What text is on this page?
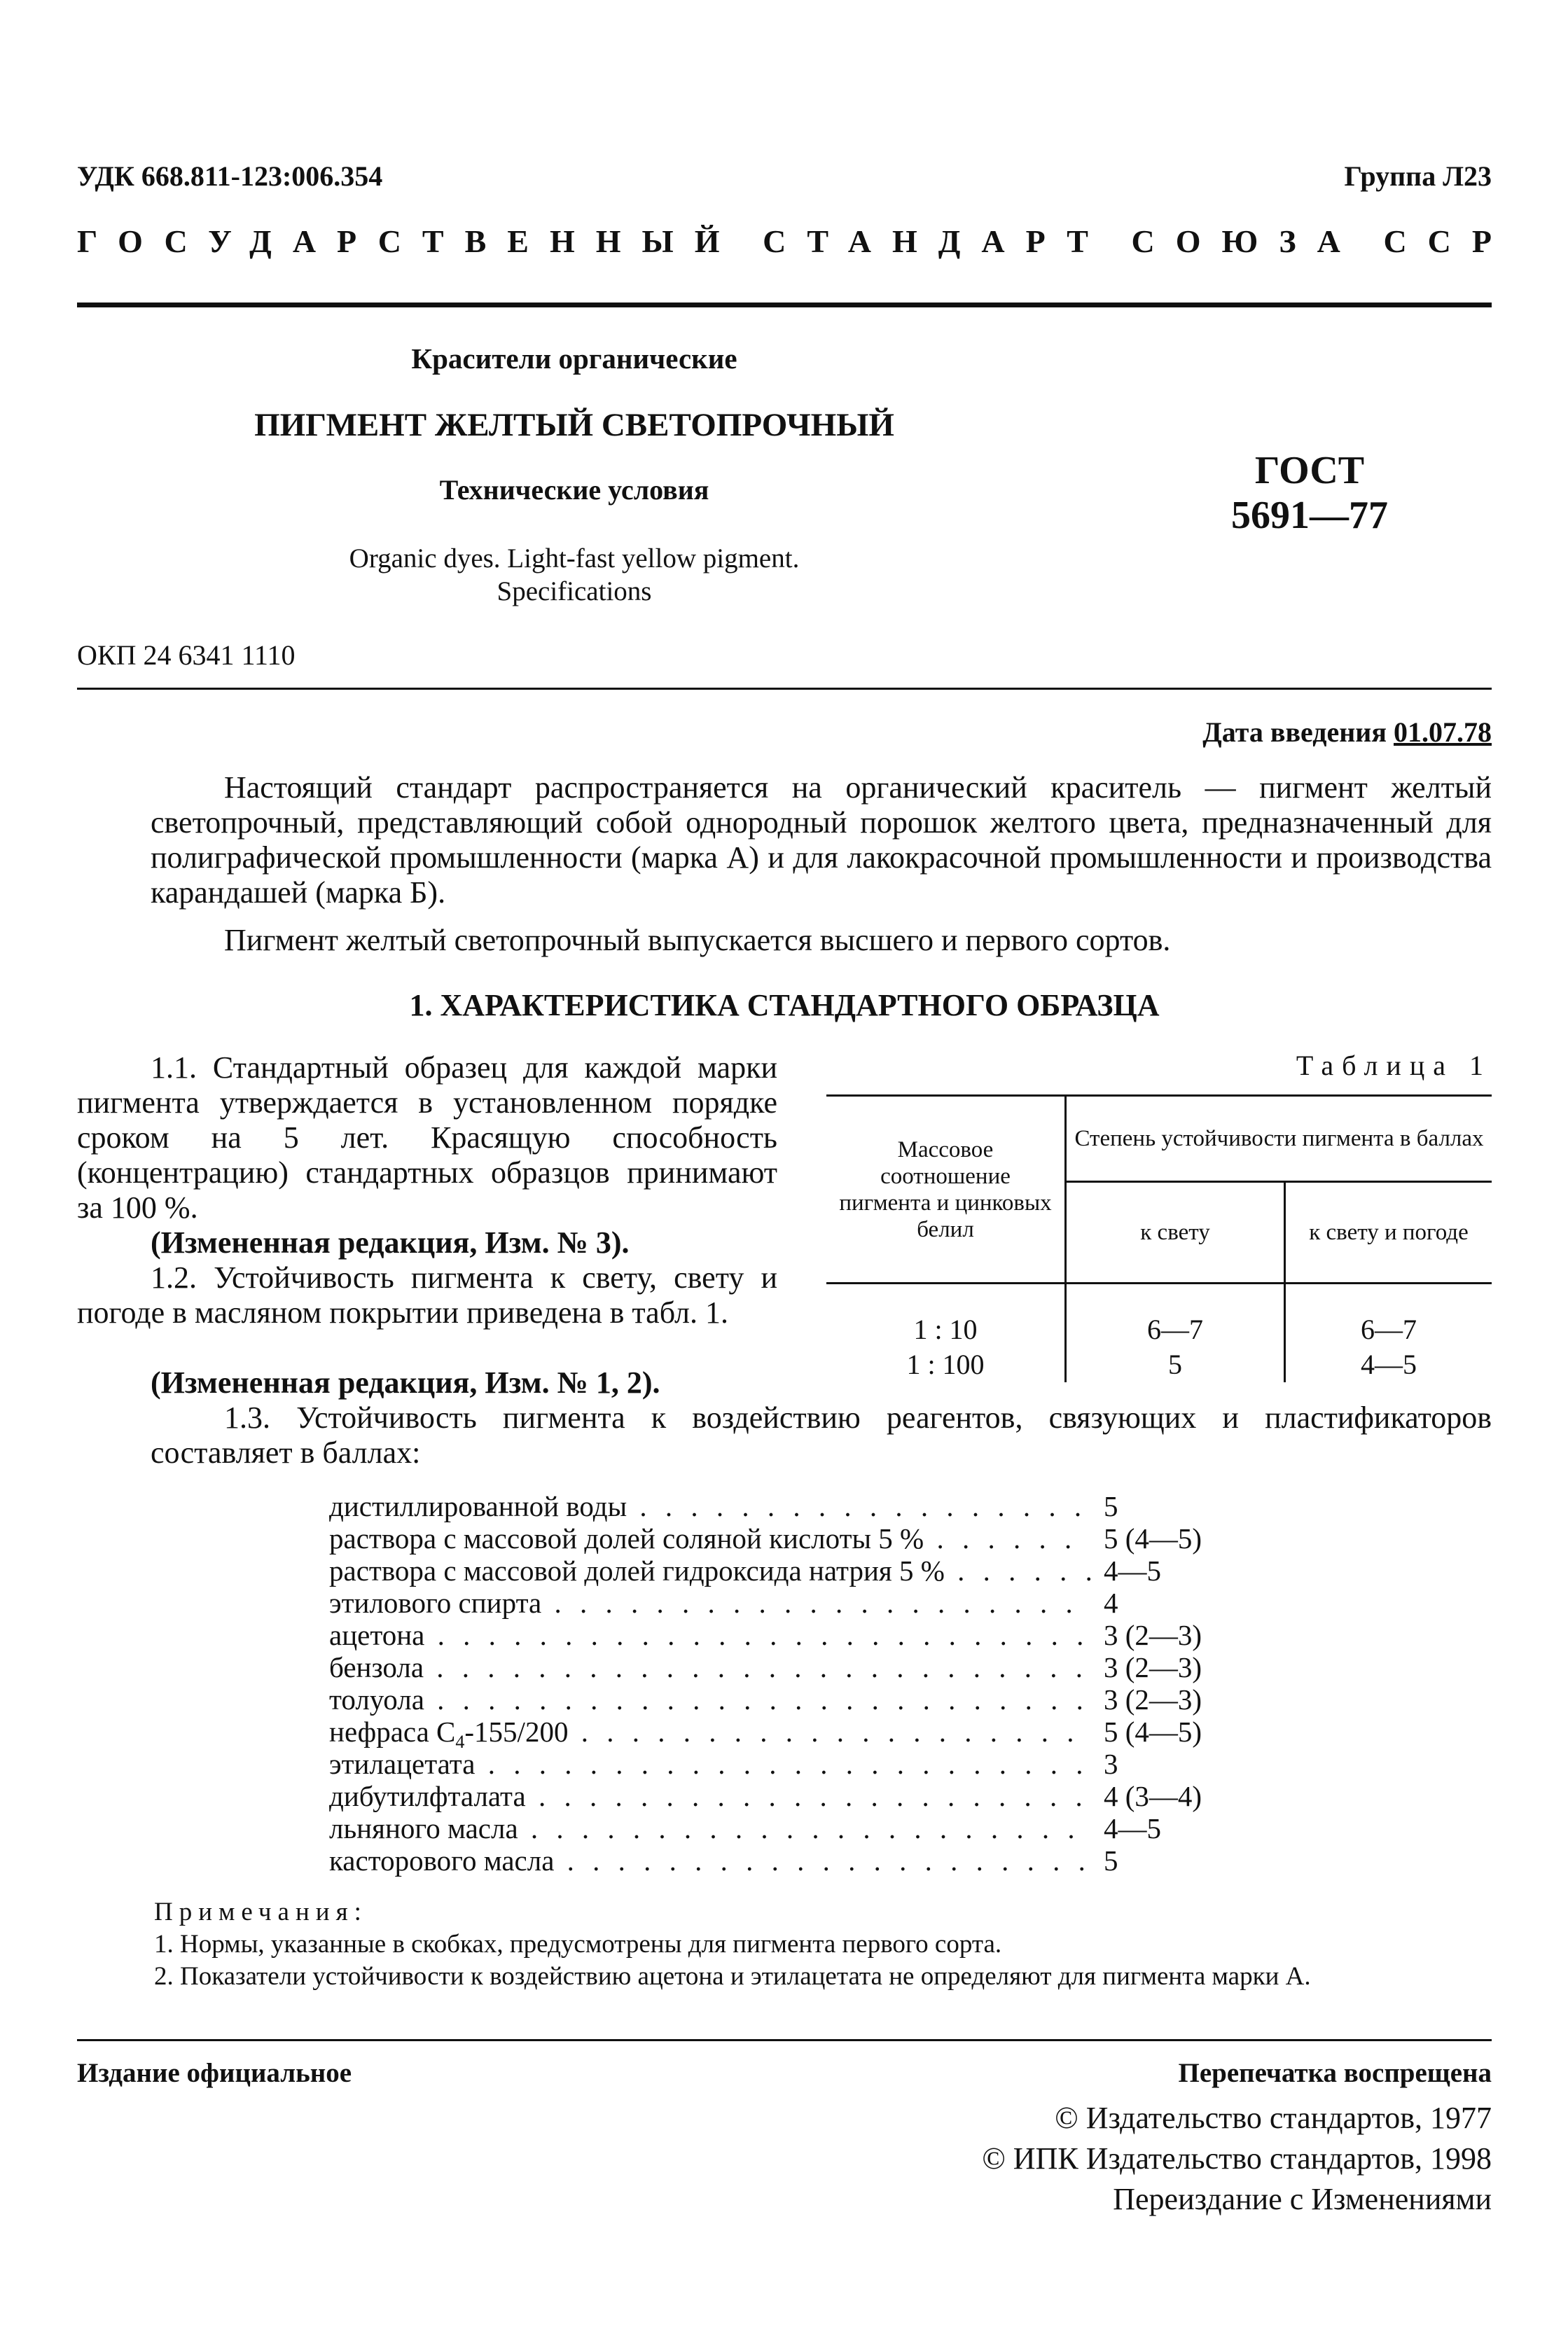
УДК 668.811-123:006.354	Группа Л23
ГОСУДАРСТВЕННЫЙ СТАНДАРТ СОЮЗА ССР
Красители органические
ПИГМЕНТ ЖЕЛТЫЙ СВЕТОПРОЧНЫЙ
Технические условия
Organic dyes. Light-fast yellow pigment.
Specifications
ГОСТ
5691—77
ОКП 24 6341 1110
Дата введения 01.07.78
Настоящий стандарт распространяется на органический краситель — пигмент желтый светопрочный, представляющий собой однородный порошок желтого цвета, предназначенный для полиграфической промышленности (марка А) и для лакокрасочной промышленности и производства карандашей (марка Б).
Пигмент желтый светопрочный выпускается высшего и первого сортов.
1. ХАРАКТЕРИСТИКА СТАНДАРТНОГО ОБРАЗЦА
1.1. Стандартный образец для каждой марки пигмента утверждается в установленном порядке сроком на 5 лет. Красящую способность (концентрацию) стандартных образцов принимают за 100 %.
(Измененная редакция, Изм. № 3).
1.2. Устойчивость пигмента к свету, свету и погоде в масляном покрытии приведена в табл. 1.
(Измененная редакция, Изм. № 1, 2).
Таблица 1
Массовое соотношение пигмента и цинковых белил	Степень устойчивости пигмента в баллах	
	к свету	к свету и погоде
1 : 10	6—7	6—7
1 : 100	5	4—5
1.3. Устойчивость пигмента к воздействию реагентов, связующих и пластификаторов составляет в баллах:
дистиллированной воды . . .	5
раствора с массовой долей соляной кислоты 5 % . . .	5 (4—5)
раствора с массовой долей гидроксида натрия 5 % . . .	4—5
этилового спирта . . .	4
ацетона . . .	3 (2—3)
бензола . . .	3 (2—3)
толуола . . .	3 (2—3)
нефраса $С_4-155/200$ . . .	5 (4—5)
этилацетата . . .	3
дибутилфталата . . .	4 (3—4)
льняного масла . . .	4—5
касторового масла . . .	5
Примечания:
1. Нормы, указанные в скобках, предусмотрены для пигмента первого сорта.
2. Показатели устойчивости к воздействию ацетона и этилацетата не определяют для пигмента марки А.
Издание официальное	Перепечатка воспрещена
© Издательство стандартов, 1977
© ИПК Издательство стандартов, 1998
Переиздание с Изменениями
